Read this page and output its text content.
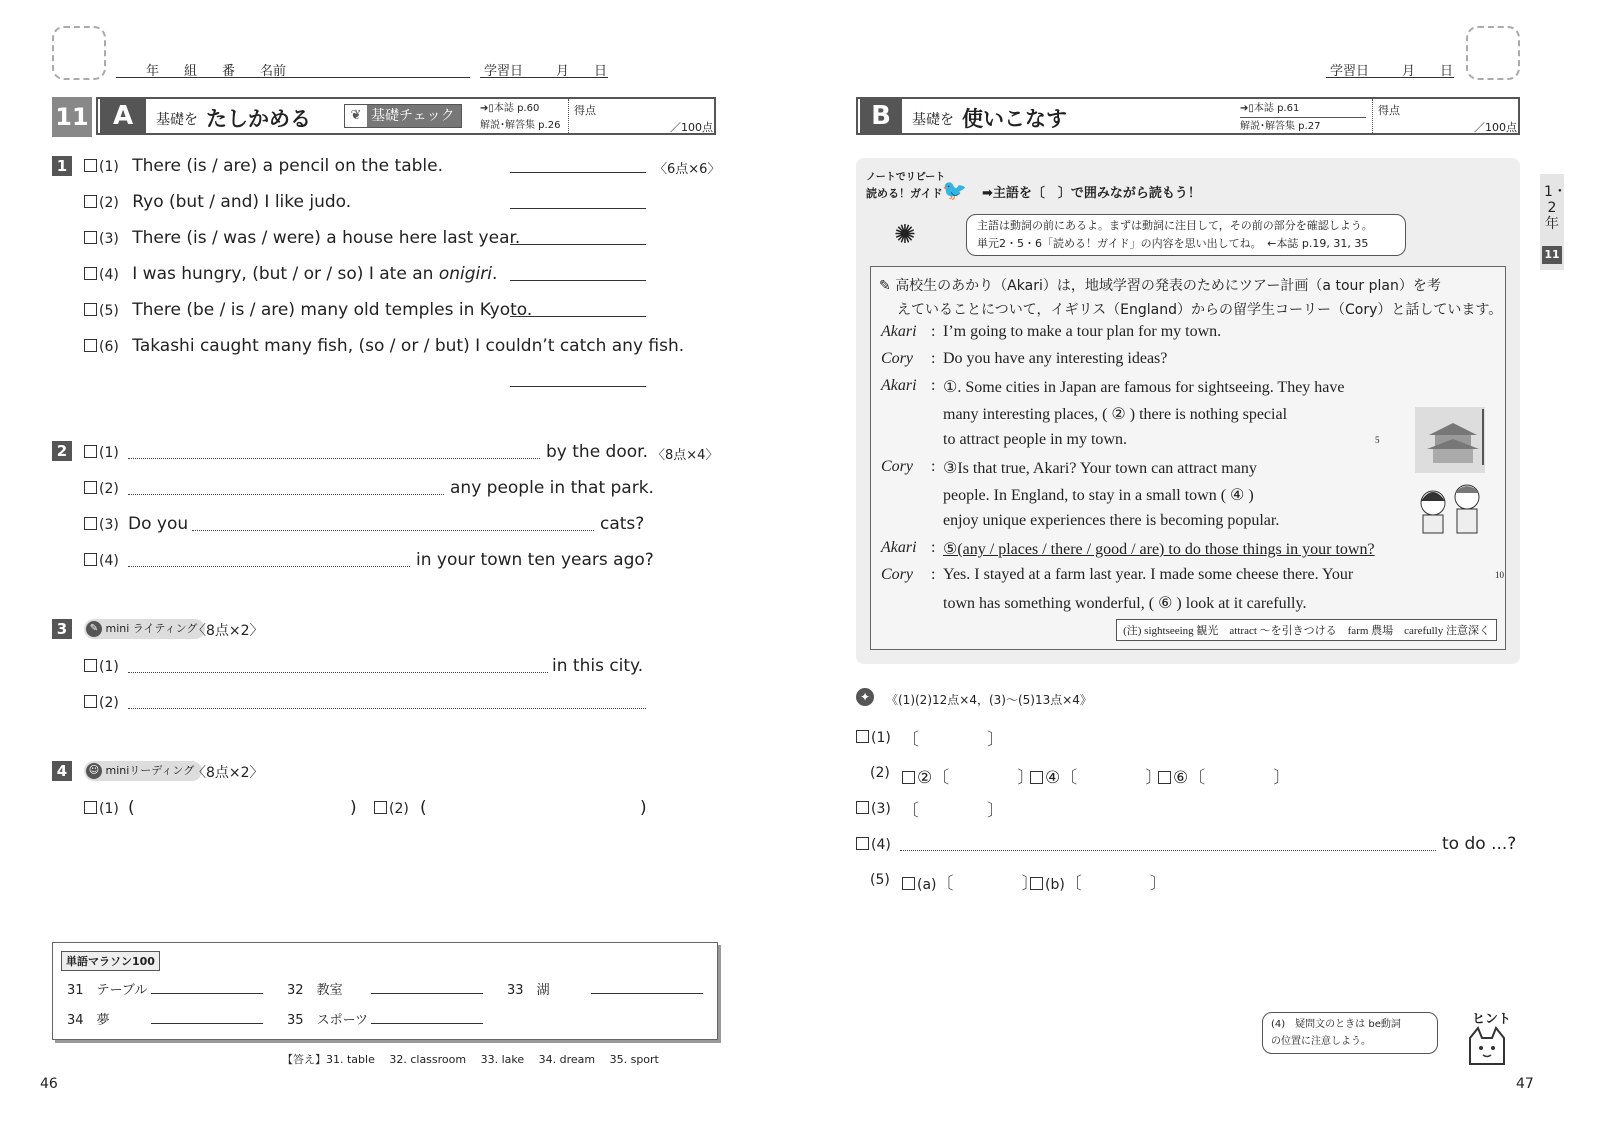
年 組 番 名前	学習日	月 日
11 A	基礎を たしかめる	❦ 基礎チェック	➔▯本誌 p.60
解説･解答集 p.26
得点
／100点
1	〈6点×6〉
(1) There (is / are) a pencil on the table.
(2) Ryo (but / and) I like judo.
(3) There (is / was / were) a house here last year.
(4) I was hungry, (but / or / so) I ate an onigiri.
(5) There (be / is / are) many old temples in Kyoto.
(6) Takashi caught many fish, (so / or / but) I couldn’t catch any fish.
2	〈8点×4〉
(1)	by the door.
(2)	any people in that park.
(3) Do you	cats?
(4)	in your town ten years ago?
3	✎ mini ライティング
〈8点×2〉
(1)	in this city.
(2)
4	☺ miniリーディング
〈8点×2〉
(1) (	)	(2) (	)
単語マラソン100
31　 テーブル	32　 教室	33　 湖
34　 夢	35　 スポーツ
【答え】31. table　 32. classroom　 33. lake　 34. dream　 35. sport
46
学習日	月 日
B	基礎を 使いこなす	➔▯本誌 p.61
解説･解答集 p.27
得点
／100点
ノートでリピート
読める！ガイド 🐦 ➡主語を〔　〕で囲みながら読もう！
✺	主語は動詞の前にあるよ。まずは動詞に注目して，その前の部分を確認しよう。
単元2・5・6「読める！ガイド」の内容を思い出してね。　←本誌 p.19, 31, 35
✎ 高校生のあかり（Akari）は，地域学習の発表のためにツアー計画（a tour plan）を考
えていることについて，イギリス（England）からの留学生コーリー（Cory）と話しています。
Akari : I’m going to make a tour plan for my town.
Cory : Do you have any interesting ideas?
Akari : ①. Some cities in Japan are famous for sightseeing. They have
many interesting places, ( ② ) there is nothing special
to attract people in my town.	5
Cory : ③Is that true, Akari? Your town can attract many
people. In England, to stay in a small town ( ④ )
enjoy unique experiences there is becoming popular.
Akari : ⑤(any / places / there / good / are) to do those things in your town?
Cory : Yes. I stayed at a farm last year. I made some cheese there. Your	10
town has something wonderful, ( ⑥ ) look at it carefully.
(注) sightseeing 観光　attract ～を引きつける　farm 農場　carefully 注意深く
✦	《(1)(2)12点×4，(3)〜(5)13点×4》
(1) 〔　　　　〕
(2)	②〔　　　　〕 ④〔　　　　〕 ⑥〔　　　　〕
(3) 〔　　　　〕
(4)	to do ...?
(5)	(a)〔　　　　〕 (b)〔　　　　〕
(4)　疑問文のときは be動詞
の位置に注意しよう。
ヒント
47
1・2年
11
